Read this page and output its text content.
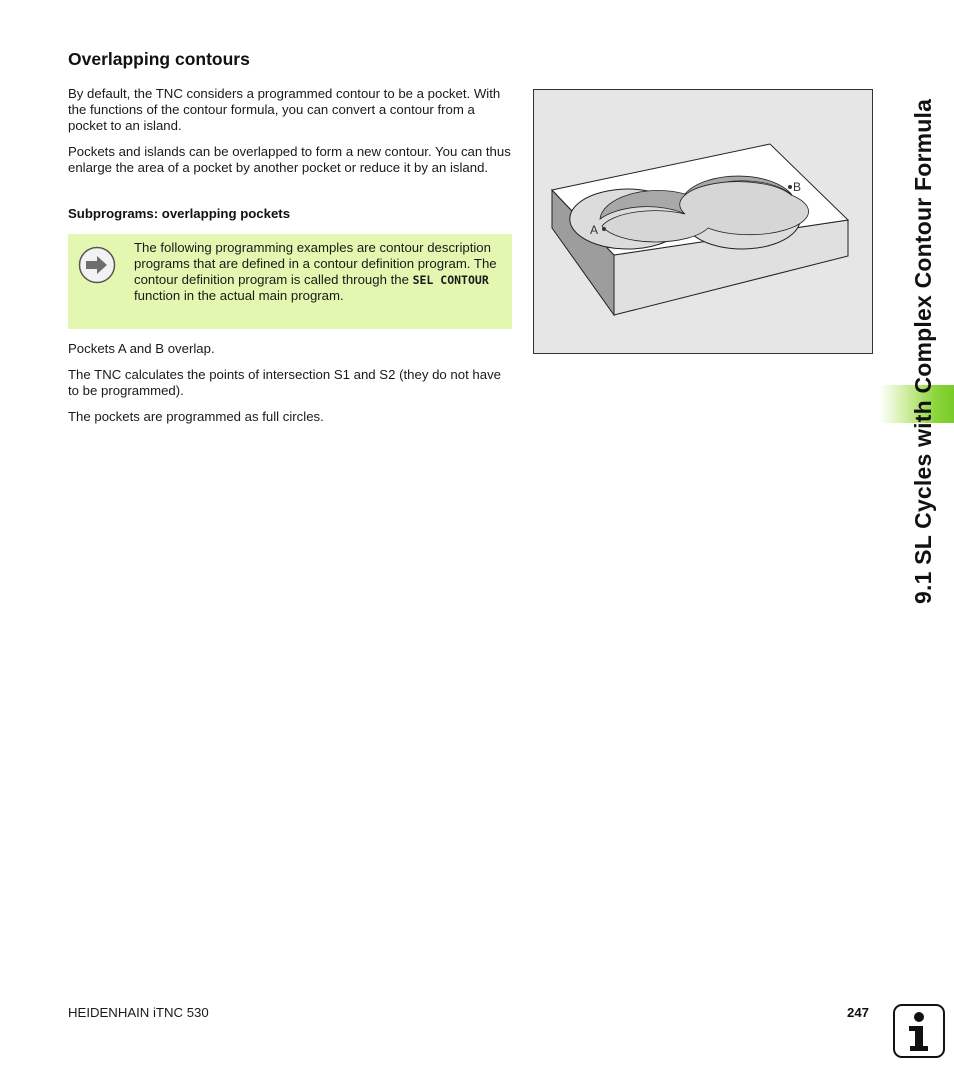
Overlapping contours

By default, the TNC considers a programmed contour to be a pocket. With the functions of the contour formula, you can convert a contour from a pocket to an island.

Pockets and islands can be overlapped to form a new contour. You can thus enlarge the area of a pocket by another pocket or reduce it by an island.

Subprograms: overlapping pockets
The following programming examples are contour description programs that are defined in a contour definition program. The contour definition program is called through the SEL CONTOUR function in the actual main program.

Pockets A and B overlap.

The TNC calculates the points of intersection S1 and S2 (they do not have to be programmed).

The pockets are programmed as full circles.

A
B	9.1 SL Cycles with Complex Contour Formula
HEIDENHAIN iTNC 530	247
